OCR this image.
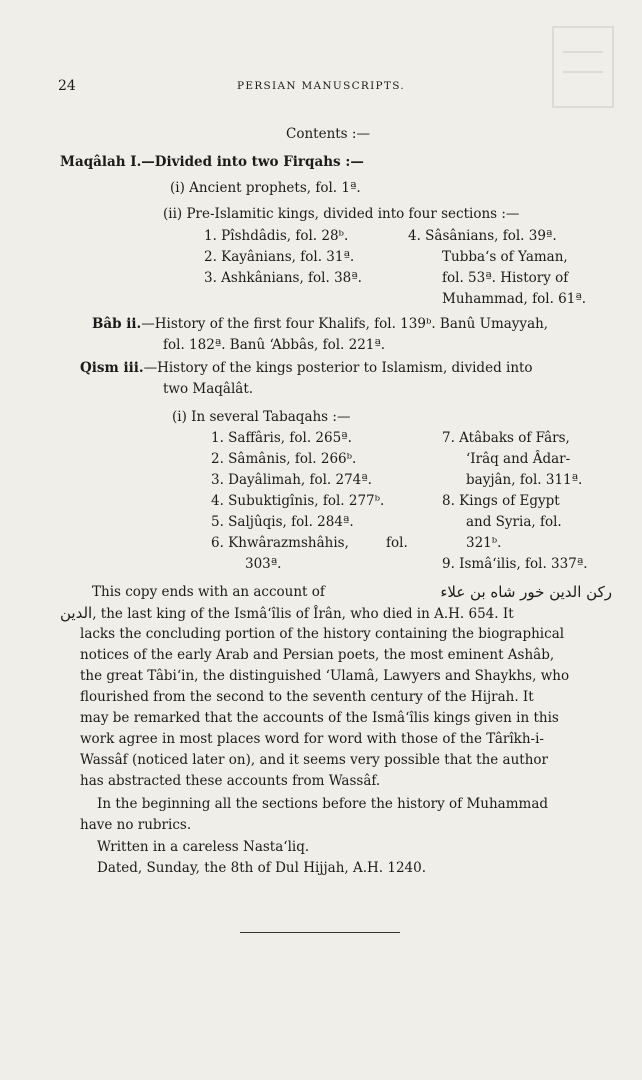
24	PERSIAN MANUSCRIPTS.
Contents :—
Maqâlah I.—Divided into two Firqahs :—
(i) Ancient prophets, fol. 1ª.
(ii) Pre-Islamitic kings, divided into four sections :—
1. Pîshdâdis, fol. 28ᵇ.
2. Kayânians, fol. 31ª.
3. Ashkânians, fol. 38ª.
4. Sâsânians, fol. 39ª.
Tubba‘s of Yaman,
fol. 53ª. History of
Muhammad, fol. 61ª.
Bâb ii.—History of the first four Khalifs, fol. 139ᵇ. Banû Umayyah,
fol. 182ª. Banû ‘Abbâs, fol. 221ª.
Qism iii.—History of the kings posterior to Islamism, divided into
two Maqâlât.
(i) In several Tabaqahs :—
1. Saffâris, fol. 265ª.
2. Sâmânis, fol. 266ᵇ.
3. Dayâlimah, fol. 274ª.
4. Subuktigînis, fol. 277ᵇ.
5. Saljûqis, fol. 284ª.
6. Khwârazmshâhis,	fol.
303ª.
7. Atâbaks of Fârs,
‘Irâq and Âdar-
bayjân, fol. 311ª.
8. Kings of Egypt
and Syria, fol.
321ᵇ.
9. Ismâ‘ilis, fol. 337ª.
This copy ends with an account of	ركن الدين خور شاه بن علاء
الدين, the last king of the Ismâ‘îlis of Îrân, who died in A.H. 654. It
lacks the concluding portion of the history containing the biographical
notices of the early Arab and Persian poets, the most eminent Ashâb,
the great Tâbi‘in, the distinguished ‘Ulamâ, Lawyers and Shaykhs, who
flourished from the second to the seventh century of the Hijrah. It
may be remarked that the accounts of the Ismâ‘îlis kings given in this
work agree in most places word for word with those of the Târîkh-i-
Wassâf (noticed later on), and it seems very possible that the author
has abstracted these accounts from Wassâf.
In the beginning all the sections before the history of Muhammad
have no rubrics.
Written in a careless Nasta‘liq.
Dated, Sunday, the 8th of Dul Hijjah, A.H. 1240.
